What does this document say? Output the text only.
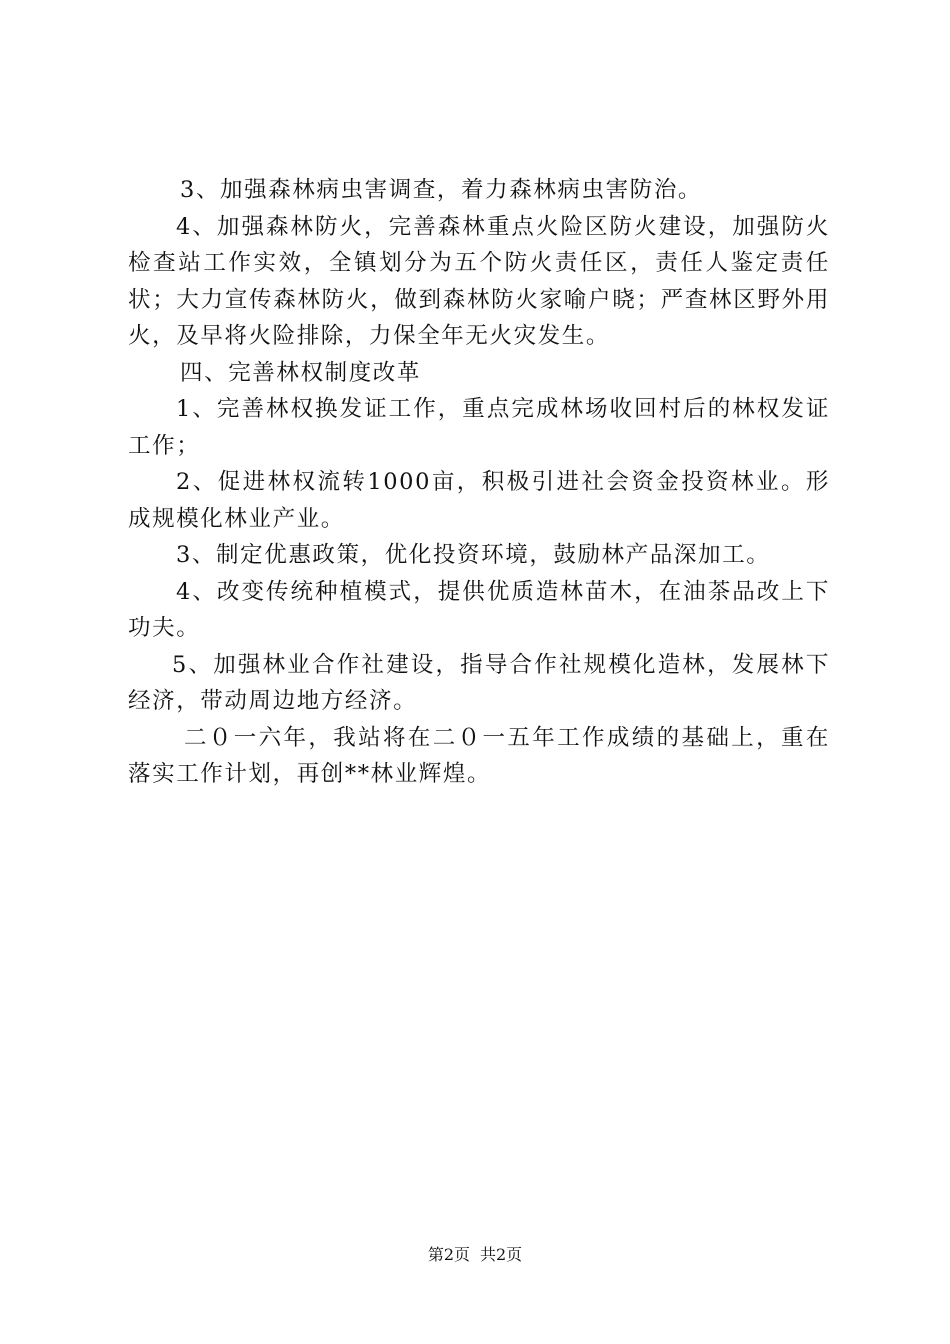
3、加强森林病虫害调查，着力森林病虫害防治。

4、加强森林防火，完善森林重点火险区防火建设，加强防火检查站工作实效，全镇划分为五个防火责任区，责任人鉴定责任状；大力宣传森林防火，做到森林防火家喻户晓；严查林区野外用火，及早将火险排除，力保全年无火灾发生。

四、完善林权制度改革

1、完善林权换发证工作，重点完成林场收回村后的林权发证工作；

2、促进林权流转1000亩，积极引进社会资金投资林业。形成规模化林业产业。

3、制定优惠政策，优化投资环境，鼓励林产品深加工。

4、改变传统种植模式，提供优质造林苗木，在油茶品改上下功夫。

5、加强林业合作社建设，指导合作社规模化造林，发展林下经济，带动周边地方经济。

二０一六年，我站将在二０一五年工作成绩的基础上，重在落实工作计划，再创**林业辉煌。

第2页 共2页
